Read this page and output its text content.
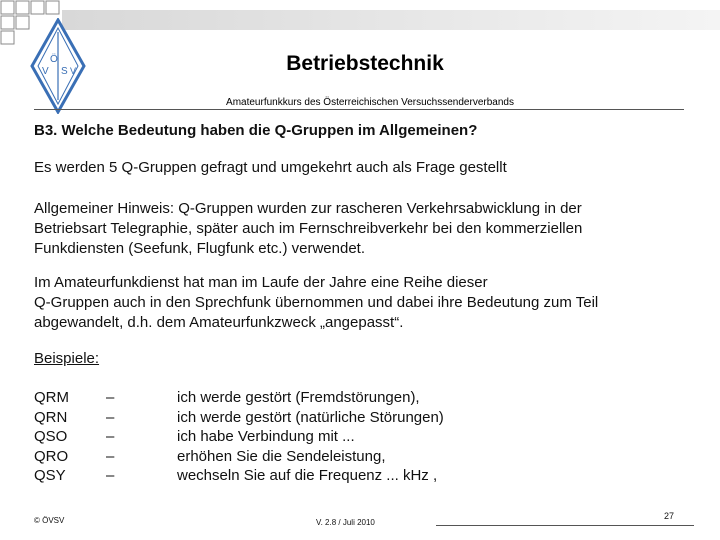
Ö
V S V	Betriebstechnik
Amateurfunkkurs des Österreichischen Versuchssenderverbands
B3. Welche Bedeutung haben die Q-Gruppen im Allgemeinen?
Es werden 5 Q-Gruppen gefragt und umgekehrt auch als Frage gestellt
Allgemeiner Hinweis: Q-Gruppen wurden zur rascheren Verkehrsabwicklung in der
Betriebsart Telegraphie, später auch im Fernschreibverkehr bei den kommerziellen
Funkdiensten (Seefunk, Flugfunk etc.) verwendet.
Im Amateurfunkdienst hat man im Laufe der Jahre eine Reihe dieser
Q-Gruppen auch in den Sprechfunk übernommen und dabei ihre Bedeutung zum Teil
abgewandelt, d.h. dem Amateurfunkzweck „angepasst“.
Beispiele:
QRM –	ich werde gestört (Fremdstörungen),
QRN	–	ich werde gestört (natürliche Störungen)
QSO	–	ich habe Verbindung mit ...
QRO	–	erhöhen Sie die Sendeleistung,
QSY	–	wechseln Sie auf die Frequenz ... kHz ,
© ÖVSV	V. 2.8 / Juli 2010
27
